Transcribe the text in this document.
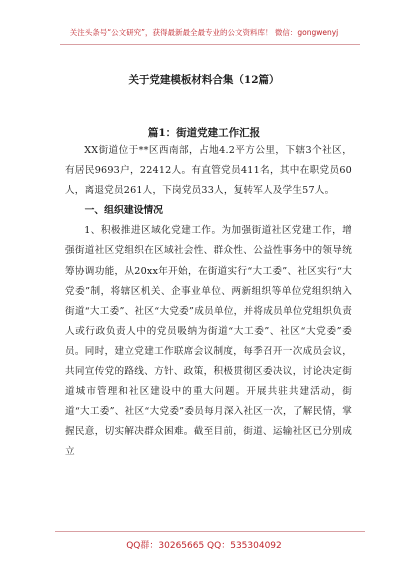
关注头条号“公文研究”，获得最新最全最专业的公文资料库！ 微信：gongwenyj
关于党建模板材料合集（12篇）
篇1：街道党建工作汇报

XX街道位于**区西南部，占地4.2平方公里，下辖3个社区，有居民9693户，22412人。有直管党员411名，其中在职党员60人，离退党员261人，下岗党员33人，复转军人及学生57人。

一、组织建设情况

1、积极推进区域化党建工作。为加强街道社区党建工作，增强街道社区党组织在区域社会性、群众性、公益性事务中的领导统筹协调功能，从20xx年开始，在街道实行“大工委”、社区实行“大党委”制，将辖区机关、企事业单位、两新组织等单位党组织纳入街道“大工委”、社区“大党委”成员单位，并将成员单位党组织负责人或行政负责人中的党员吸纳为街道“大工委”、社区“大党委”委员。同时，建立党建工作联席会议制度，每季召开一次成员会议，共同宣传党的路线、方针、政策，积极贯彻区委决议，讨论决定街道城市管理和社区建设中的重大问题。开展共驻共建活动，街道“大工委”、社区“大党委”委员每月深入社区一次，了解民情，掌握民意，切实解决群众困难。截至目前，街道、运输社区已分别成立

QQ群：30265665 QQ：535304092
